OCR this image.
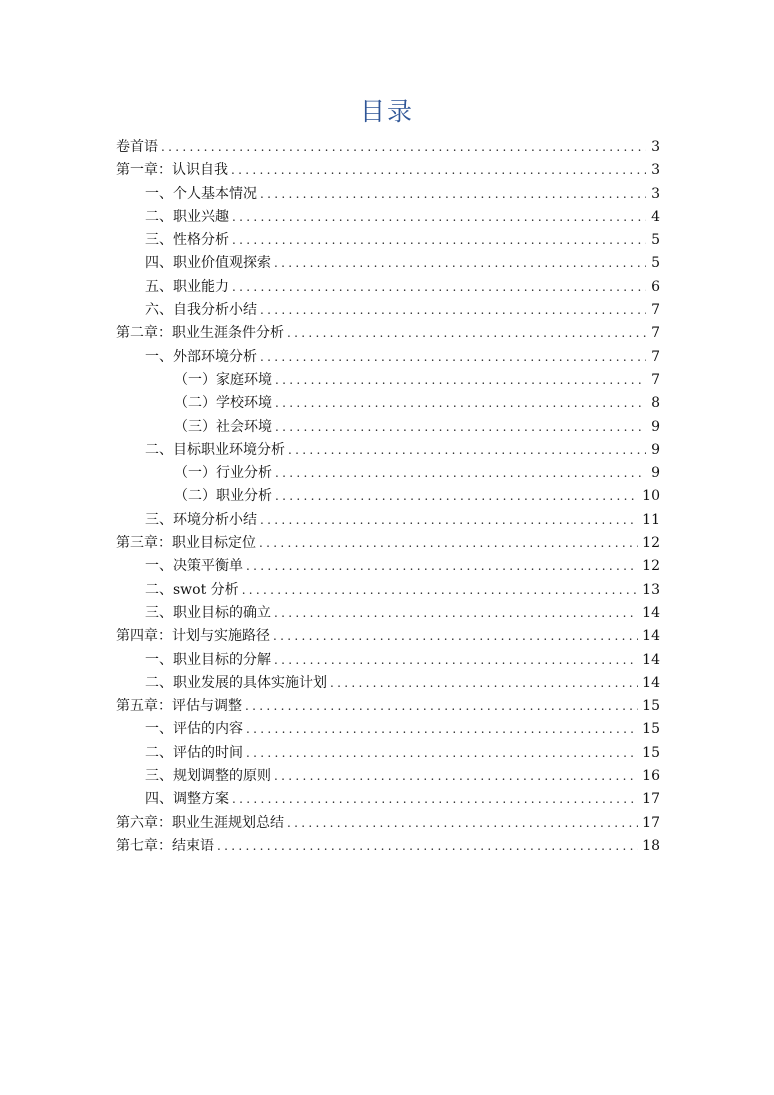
目录
卷首语 .....	3
第一章：认识自我 .....	3
一、个人基本情况 .....	3
二、职业兴趣 .....	4
三、性格分析 .....	5
四、职业价值观探索 .....	5
五、职业能力 .....	6
六、自我分析小结 .....	7
第二章：职业生涯条件分析 .....	7
一、外部环境分析 .....	7
（一）家庭环境 .....	7
（二）学校环境 .....	8
（三）社会环境 .....	9
二、目标职业环境分析 .....	9
（一）行业分析 .....	9
（二）职业分析 .....	10
三、环境分析小结 .....	11
第三章：职业目标定位 .....	12
一、决策平衡单 .....	12
二、swot 分析 .....	13
三、职业目标的确立 .....	14
第四章：计划与实施路径 .....	14
一、职业目标的分解 .....	14
二、职业发展的具体实施计划 .....	14
第五章：评估与调整 .....	15
一、评估的内容 .....	15
二、评估的时间 .....	15
三、规划调整的原则 .....	16
四、调整方案 .....	17
第六章：职业生涯规划总结 .....	17
第七章：结束语 .....	18
